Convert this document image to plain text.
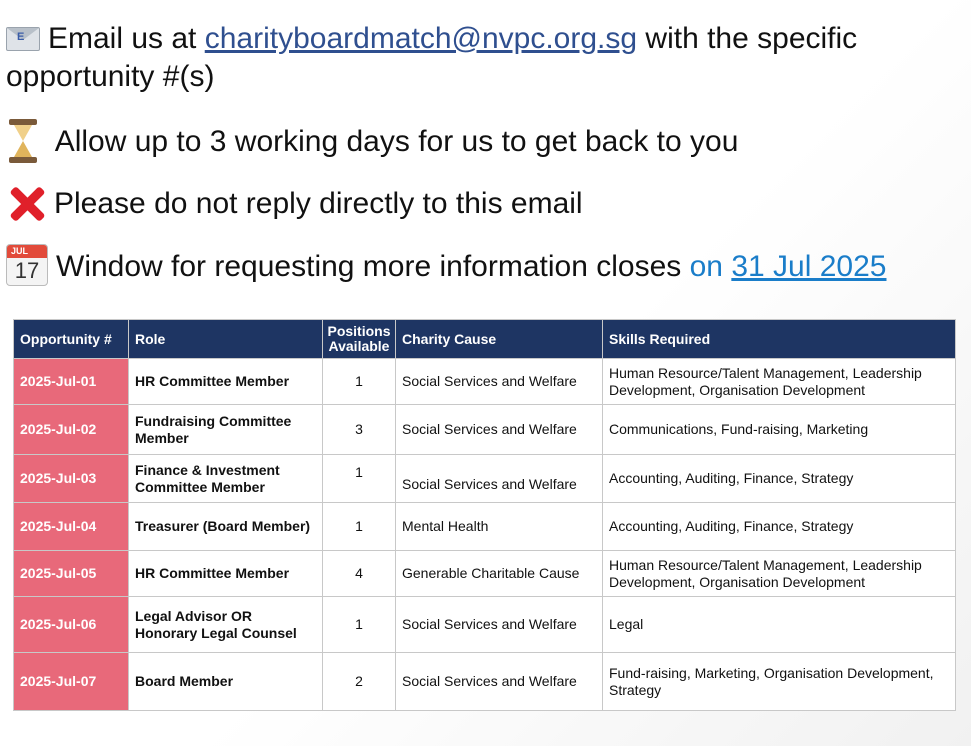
E Email us at charityboardmatch@nvpc.org.sg with the specific opportunity #(s)
Allow up to 3 working days for us to get back to you
Please do not reply directly to this email
JUL
17 Window for requesting more information closes on 31 Jul 2025
Opportunity #	Role	Positions Available	Charity Cause	Skills Required
2025-Jul-01	HR Committee Member	1	Social Services and Welfare	Human Resource/Talent Management, Leadership Development, Organisation Development
2025-Jul-02	Fundraising Committee Member	3	Social Services and Welfare	Communications, Fund-raising, Marketing
2025-Jul-03	Finance & Investment Committee Member	1	Social Services and Welfare	Accounting, Auditing, Finance, Strategy
2025-Jul-04	Treasurer (Board Member)	1	Mental Health	Accounting, Auditing, Finance, Strategy
2025-Jul-05	HR Committee Member	4	Generable Charitable Cause	Human Resource/Talent Management, Leadership Development, Organisation Development
2025-Jul-06	Legal Advisor OR Honorary Legal Counsel	1	Social Services and Welfare	Legal
2025-Jul-07	Board Member	2	Social Services and Welfare	Fund-raising, Marketing, Organisation Development, Strategy
